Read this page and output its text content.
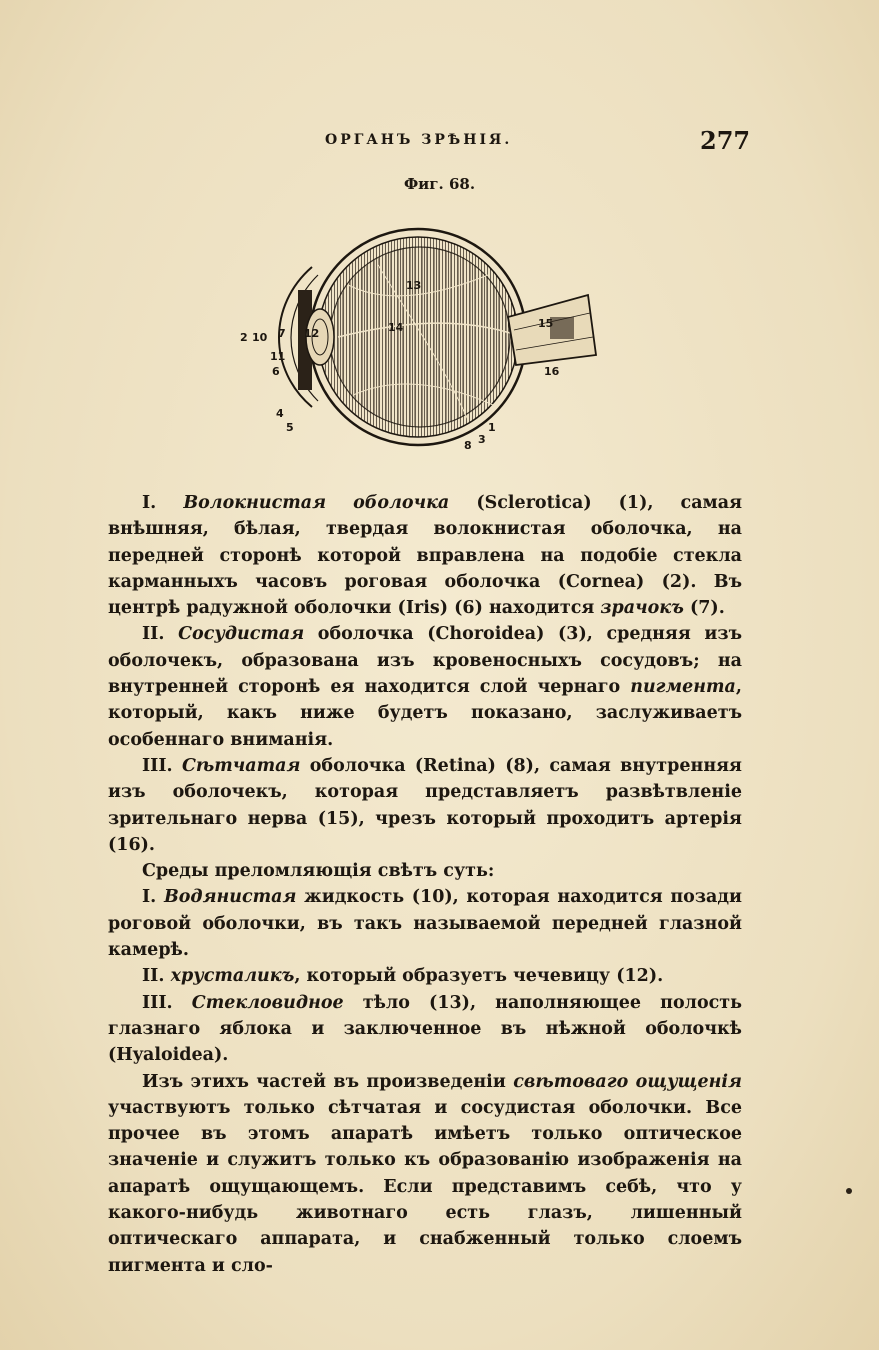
ОРГАНЪ ЗРѢНІЯ.	277
Фиг. 68.
2 10 7 12
11
6
4
5
13
14	15
16
1
3
8

I. Волокнистая оболочка (Sclerotica) (1), самая внѣшняя, бѣлая, твердая волокнистая оболочка, на передней сторонѣ которой вправлена на подобіе стекла карманныхъ часовъ роговая оболочка (Cornea) (2). Въ центрѣ радужной оболочки (Iris) (6) находится зрачокъ (7).

II. Сосудистая оболочка (Choroidea) (3), средняя изъ оболочекъ, образована изъ кровеносныхъ сосудовъ; на внутренней сторонѣ ея находится слой чернаго пигмента, который, какъ ниже будетъ показано, заслуживаетъ особеннаго вниманія.

III. Сѣтчатая оболочка (Retina) (8), самая внутренняя изъ оболочекъ, которая представляетъ развѣтвленіе зрительнаго нерва (15), чрезъ который проходитъ артерія (16).

Среды преломляющія свѣтъ суть:

I. Водянистая жидкость (10), которая находится позади роговой оболочки, въ такъ называемой передней глазной камерѣ.

II. хрусталикъ, который образуетъ чечевицу (12).

III. Стекловидное тѣло (13), наполняющее полость глазнаго яблока и заключенное въ нѣжной оболочкѣ (Hyaloidea).

Изъ этихъ частей въ произведеніи свѣтоваго ощущенія участвуютъ только сѣтчатая и сосудистая оболочки. Все прочее въ этомъ апаратѣ имѣетъ только оптическое значеніе и служитъ только къ образованію изображенія на апаратѣ ощущающемъ. Если представимъ себѣ, что у какого-нибудь животнаго есть глазъ, лишенный оптическаго аппарата, и снабженный только слоемъ пигмента и сло-
